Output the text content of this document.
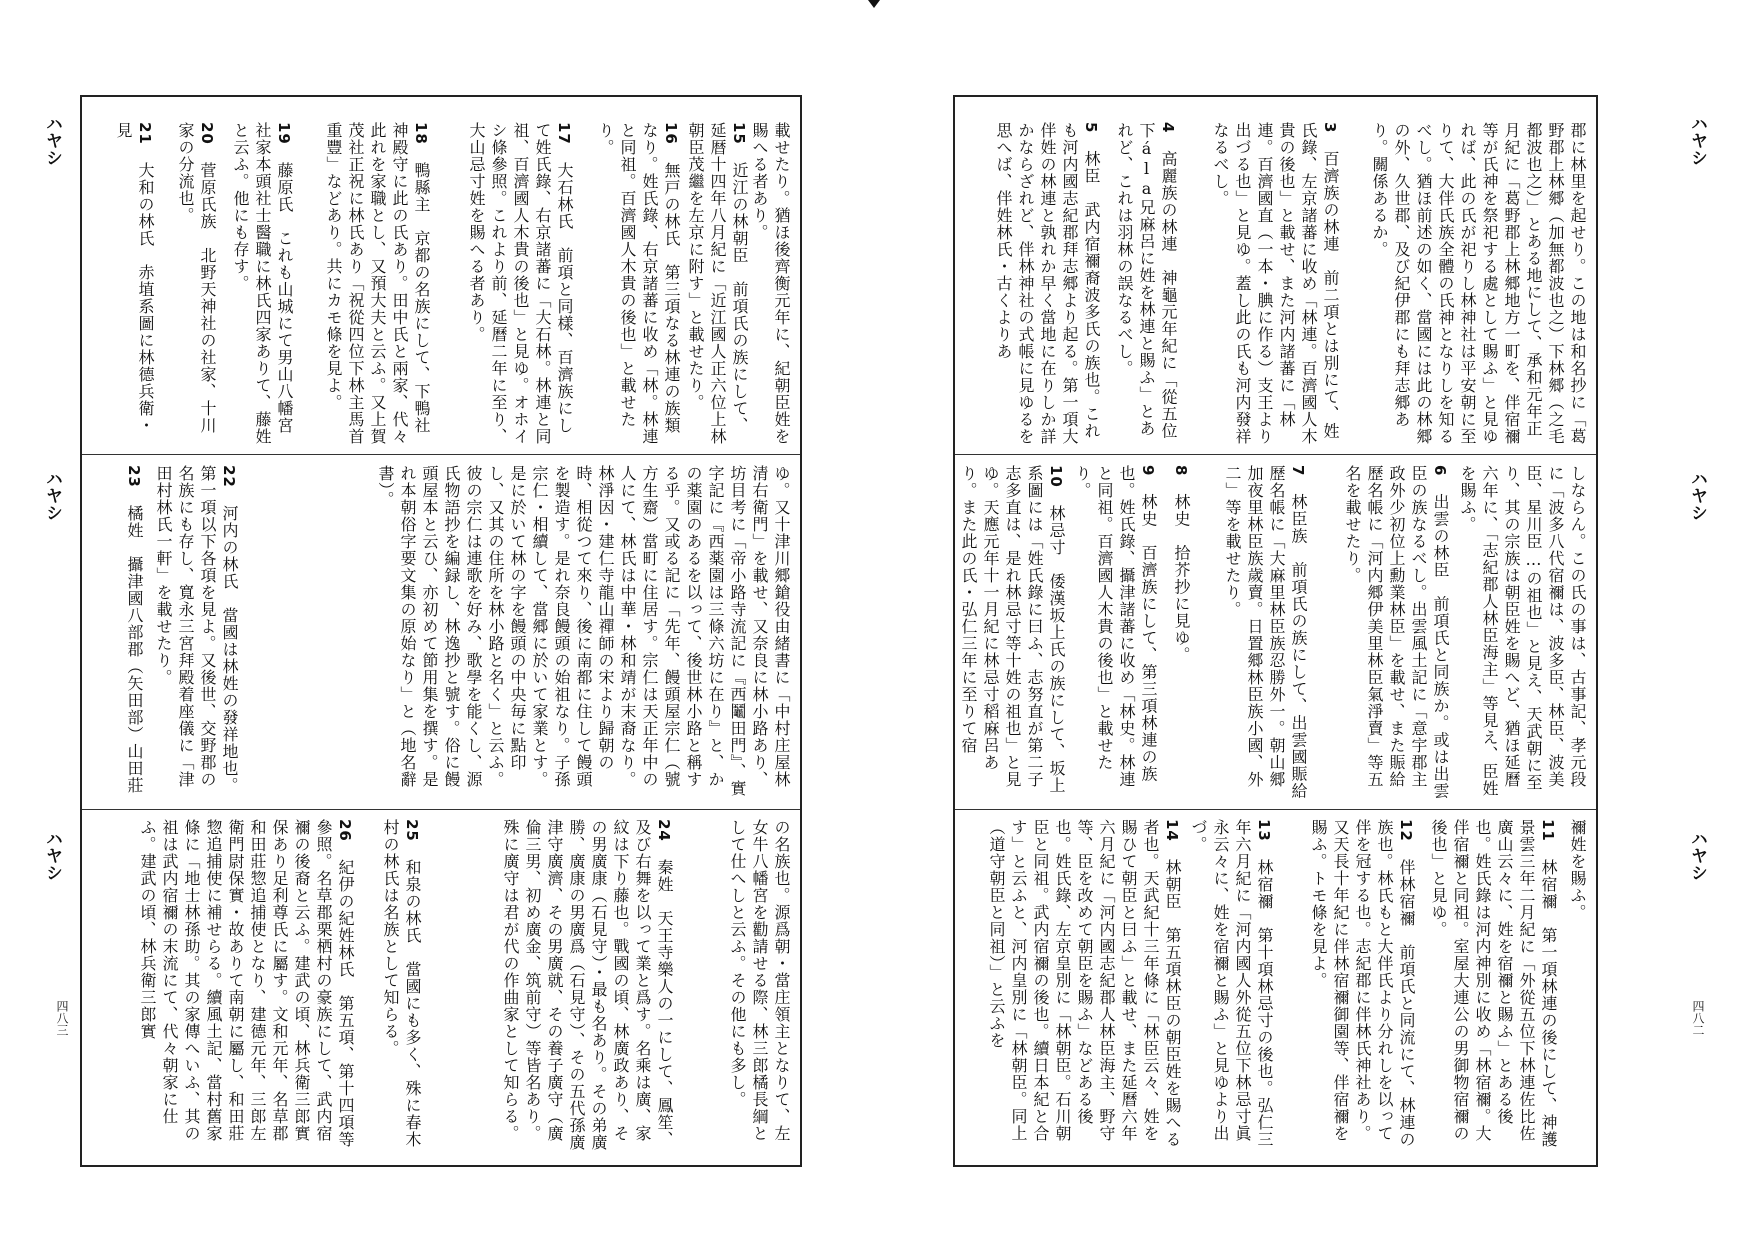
ハヤシ
ハヤシ
ハヤシ
ハヤシ
ハヤシ
ハヤシ
四八三	四八二
載せたり。猶ほ後齊衡元年に、紀朝臣姓を賜へる者あり。
15　近江の林朝臣　前項氏の族にして、延暦十四年八月紀に「近江國人正六位上林朝臣茂繼を左京に附す」と載せたり。
16　無戸の林氏　第三項なる林連の族類なり。姓氏錄、右京諸蕃に收め「林。林連と同祖。百濟國人木貴の後也」と載せたり。
17　大石林氏　前項と同樣、百濟族にして姓氏錄、右京諸蕃に「大石林。林連と同祖、百濟國人木貴の後也」と見ゆ。オホイシ條參照。これより前、延曆二年に至り、大山忌寸姓を賜へる者あり。
18　鴨縣主　京都の名族にして、下鴨社神殿守に此の氏あり。田中氏と兩家、代々此れを家職とし、又預大夫と云ふ。又上賀茂社正祝に林氏あり「祝從四位下林主馬首重豐」などあり。共にカモ條を見よ。
19　藤原氏　これも山城にて男山八幡宮社家本頭社士醫職に林氏四家ありて、藤姓と云ふ。他にも存す。
20　菅原氏族　北野天神社の社家、十川家の分流也。
21　大和の林氏　赤埴系圖に林德兵衛・見
ゆ。又十津川郷鎗役由緒書に「中村庄屋林清右衛門」を載せ、又奈良に林小路あり、坊目考に「帝小路寺流記に『西鬮田門』、實字記に『西薬園は三條六坊に在り』と、かの薬園のあるを以って、後世林小路と稱する乎。又或る記に「先年、饅頭屋宗仁（號方生齋）當町に住居す。宗仁は天正年中の人にて、林氏は中華・林和靖が末裔なり。林淨因・建仁寺龍山禪師の宋より歸朝の時、相從つて來り、後に南都に住して饅頭を製造す。是れ奈良饅頭の始祖なり。子孫宗仁・相續して、當郷に於いて家業とす。是に於いて林の字を饅頭の中央毎に點印し、又其の住所を林小路と名く」と云ふ。彼の宗仁は連歌を好み、歌學を能くし、源氏物語抄を編録し、林逸抄と號す。俗に饅頭屋本と云ひ、亦初めて節用集を撰す。是れ本朝俗字要文集の原始なり」と（地名辭書）。
22　河内の林氏　當國は林姓の發祥地也。第一項以下各項を見よ。又後世、交野郡の名族にも存し、寬永三宮拜殿着座儀に「津田村林氏一軒」を載せたり。
23　橘姓　攝津國八部郡（矢田部）山田莊
の名族也。源爲朝・當庄領主となりて、左女牛八幡宮を勸請せる際、林三郎橘長綱として仕へしと云ふ。その他にも多し。
24　秦姓　天王寺樂人の一にして、鳳笙、及び右舞を以って業と爲す。名乘は廣、家紋は下り藤也。戰國の頃、林廣政あり、その男廣康（石見守）・最も名あり。その弟廣勝、廣康の男廣爲（石見守）、その五代孫廣津守廣濟、その男廣就、その養子廣守（廣倫三男、初め廣金、筑前守）等皆名あり。殊に廣守は君が代の作曲家として知らる。
25　和泉の林氏　當國にも多く、殊に春木村の林氏は名族として知らる。
26　紀伊の紀姓林氏　第五項、第十四項等參照。名草郡栗栖村の豪族にして、武内宿禰の後裔と云ふ。建武の頃、林兵衛三郎實保あり足利尊氏に屬す。文和元年、名草郡和田莊惣追捕使となり、建德元年、三郎左衛門尉保實・故ありて南朝に屬し、和田莊惣追捕使に補せらる。續風土記、當村舊家條に「地士林孫助。其の家傳へいふ、其の祖は武内宿禰の末流にて、代々朝家に仕ふ。建武の頃、林兵衛三郎實
郡に林里を起せり。この地は和名抄に「葛野郡上林郷（加無都波也之）下林郷（之毛都波也之）」とある地にして、承和元年正月紀に「葛野郡上林郷地方一町を、伴宿禰等が氏神を祭祀する處として賜ふ」と見ゆれば、此の氏が祀りし林神社は平安朝に至りて、大伴氏族全體の氏神となりしを知るべし。猶ほ前述の如く、當國には此の林郷の外、久世郡、及び紀伊郡にも拜志郷あり。關係あるか。
3　百濟族の林連　前二項とは別にて、姓氏錄、左京諸蕃に收め「林連。百濟國人木貴の後也」と載せ、また河内諸蕃に「林連。百濟國直（一本・腆に作る）支王より出づる也」と見ゆ。蓋し此の氏も河内發祥なるべし。
4　高麗族の林連　神龜元年紀に「從五位下ála兄麻呂に姓を林連と賜ふ」とあれど、これは羽林の誤なるべし。
5　林臣　武内宿禰裔波多氏の族也。これも河内國志紀郡拜志郷より起る。第一項大伴姓の林連と孰れか早く當地に在りしか詳かならざれど、伴林神社の式帳に見ゆるを思へば、伴姓林氏・古くよりあ
しならん。この氏の事は、古事記、孝元段に「波多八代宿禰は、波多臣、林臣、波美臣、星川臣…の祖也」と見え、天武朝に至り、其の宗族は朝臣姓を賜へど、猶ほ延曆六年に、「志紀郡人林臣海主」等見え、臣姓を賜ふ。
6　出雲の林臣　前項氏と同族か。或は出雲臣の族なるべし。出雲風土記に「意宇郡主政外少初位上勳業林臣」を載せ、また賑給歷名帳に「河内郷伊美里林臣氣淨賣」等五名を載せたり。
7　林臣族　前項氏の族にして、出雲國賑給歷名帳に「大麻里林臣族忍勝外一。朝山郷加夜里林臣族歲賣。日置郷林臣族小國、外二」等を載せたり。
8　林史　拾芥抄に見ゆ。
9　林史　百濟族にして、第三項林連の族也。姓氏錄、攝津諸蕃に收め「林史。林連と同祖。百濟國人木貴の後也」と載せたり。
10　林忌寸　倭漢坂上氏の族にして、坂上系圖には「姓氏錄に曰ふ、志努直が第二子志多直は、是れ林忌寸等十姓の祖也」と見ゆ。天應元年十一月紀に林忌寸稻麻呂あり。また此の氏・弘仁三年に至りて宿
禰姓を賜ふ。
11　林宿禰　第一項林連の後にして、神護景雲三年二月紀に「外從五位下林連佐比佐廣山云々に、姓を宿禰と賜ふ」とある後也。姓氏錄は河内神別に收め「林宿禰。大伴宿禰と同祖。室屋大連公の男御物宿禰の後也」と見ゆ。
12　伴林宿禰　前項氏と同流にて、林連の族也。林氏もと大伴氏より分れしを以って伴を冠する也。志紀郡に伴林氏神社あり。又天長十年紀に伴林宿禰御園等、伴宿禰を賜ふ。トモ條を見よ。
13　林宿禰　第十項林忌寸の後也。弘仁三年六月紀に「河内國人外從五位下林忌寸眞永云々に、姓を宿禰と賜ふ」と見ゆより出づ。
14　林朝臣　第五項林臣の朝臣姓を賜へる者也。天武紀十三年條に「林臣云々、姓を賜ひて朝臣と曰ふ」と載せ、また延曆六年六月紀に「河内國志紀郡人林臣海主、野守等、臣を改めて朝臣を賜ふ」などある後也。姓氏錄、左京皇別に「林朝臣。石川朝臣と同祖。武内宿禰の後也。續日本紀と合す」と云ふと、河内皇別に「林朝臣。同上（道守朝臣と同祖）」と云ふを
